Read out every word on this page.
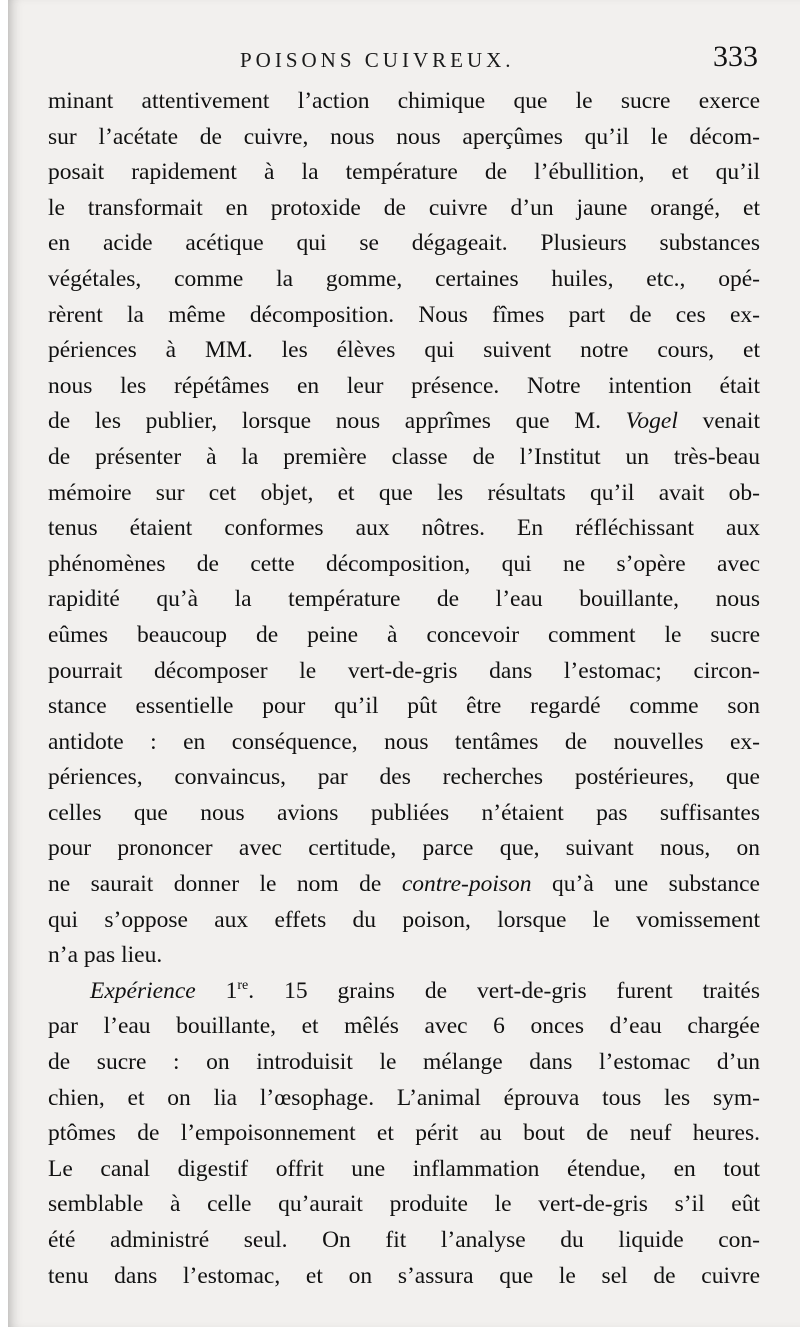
POISONS CUIVREUX.	333
minant attentivement l’action chimique que le sucre exerce
sur l’acétate de cuivre, nous nous aperçûmes qu’il le décom-
posait rapidement à la température de l’ébullition, et qu’il
le transformait en protoxide de cuivre d’un jaune orangé, et
en acide acétique qui se dégageait. Plusieurs substances
végétales, comme la gomme, certaines huiles, etc., opé-
rèrent la même décomposition. Nous fîmes part de ces ex-
périences à MM. les élèves qui suivent notre cours, et
nous les répétâmes en leur présence. Notre intention était
de les publier, lorsque nous apprîmes que M. Vogel venait
de présenter à la première classe de l’Institut un très-beau
mémoire sur cet objet, et que les résultats qu’il avait ob-
tenus étaient conformes aux nôtres. En réfléchissant aux
phénomènes de cette décomposition, qui ne s’opère avec
rapidité qu’à la température de l’eau bouillante, nous
eûmes beaucoup de peine à concevoir comment le sucre
pourrait décomposer le vert-de-gris dans l’estomac; circon-
stance essentielle pour qu’il pût être regardé comme son
antidote : en conséquence, nous tentâmes de nouvelles ex-
périences, convaincus, par des recherches postérieures, que
celles que nous avions publiées n’étaient pas suffisantes
pour prononcer avec certitude, parce que, suivant nous, on
ne saurait donner le nom de contre-poison qu’à une substance
qui s’oppose aux effets du poison, lorsque le vomissement
n’a pas lieu.
Expérience 1re. 15 grains de vert-de-gris furent traités
par l’eau bouillante, et mêlés avec 6 onces d’eau chargée
de sucre : on introduisit le mélange dans l’estomac d’un
chien, et on lia l’œsophage. L’animal éprouva tous les sym-
ptômes de l’empoisonnement et périt au bout de neuf heures.
Le canal digestif offrit une inflammation étendue, en tout
semblable à celle qu’aurait produite le vert-de-gris s’il eût
été administré seul. On fit l’analyse du liquide con-
tenu dans l’estomac, et on s’assura que le sel de cuivre
